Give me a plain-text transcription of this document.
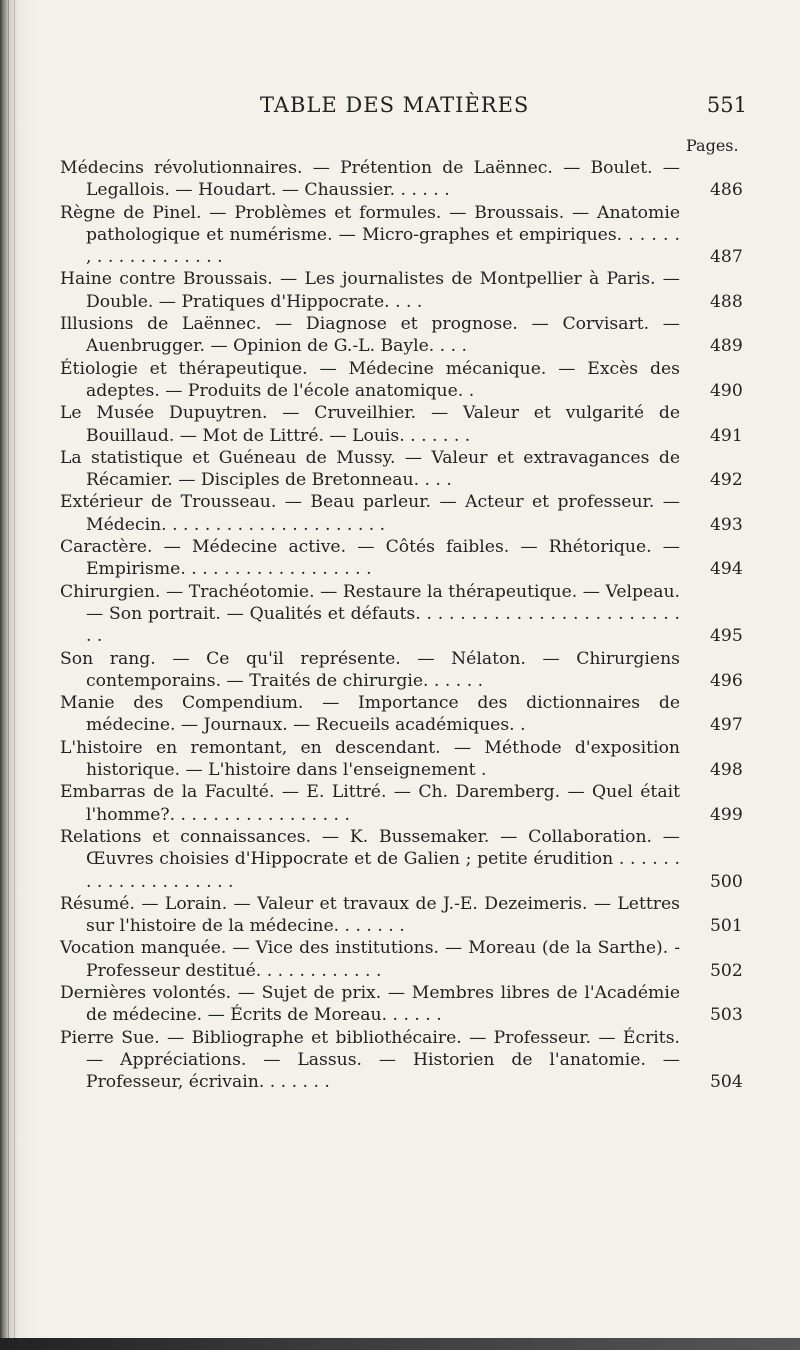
TABLE DES MATIÈRES	551
Pages.
Médecins révolutionnaires. — Prétention de Laënnec. — Boulet. — Legallois. — Houdart. — Chaussier. . . . . .	486
Règne de Pinel. — Problèmes et formules. — Broussais. — Anatomie pathologique et numérisme. — Micro-graphes et empiriques. . . . . . , . . . . . . . . . . . .	487
Haine contre Broussais. — Les journalistes de Montpellier à Paris. — Double. — Pratiques d'Hippocrate. . . .	488
Illusions de Laënnec. — Diagnose et prognose. — Corvisart. — Auenbrugger. — Opinion de G.-L. Bayle. . . .	489
Étiologie et thérapeutique. — Médecine mécanique. — Excès des adeptes. — Produits de l'école anatomique. .	490
Le Musée Dupuytren. — Cruveilhier. — Valeur et vulgarité de Bouillaud. — Mot de Littré. — Louis. . . . . . .	491
La statistique et Guéneau de Mussy. — Valeur et extravagances de Récamier. — Disciples de Bretonneau. . . .	492
Extérieur de Trousseau. — Beau parleur. — Acteur et professeur. — Médecin. . . . . . . . . . . . . . . . . . . . .	493
Caractère. — Médecine active. — Côtés faibles. — Rhétorique. — Empirisme. . . . . . . . . . . . . . . . . .	494
Chirurgien. — Trachéotomie. — Restaure la thérapeutique. — Velpeau. — Son portrait. — Qualités et défauts. . . . . . . . . . . . . . . . . . . . . . . . . .	495
Son rang. — Ce qu'il représente. — Nélaton. — Chirurgiens contemporains. — Traités de chirurgie. . . . . .	496
Manie des Compendium. — Importance des dictionnaires de médecine. — Journaux. — Recueils académiques. .	497
L'histoire en remontant, en descendant. — Méthode d'exposition historique. — L'histoire dans l'enseignement .	498
Embarras de la Faculté. — E. Littré. — Ch. Daremberg. — Quel était l'homme?. . . . . . . . . . . . . . . . .	499
Relations et connaissances. — K. Bussemaker. — Collaboration. — Œuvres choisies d'Hippocrate et de Galien ; petite érudition . . . . . . . . . . . . . . . . . . . .	500
Résumé. — Lorain. — Valeur et travaux de J.-E. Dezeimeris. — Lettres sur l'histoire de la médecine. . . . . . .	501
Vocation manquée. — Vice des institutions. — Moreau (de la Sarthe). - Professeur destitué. . . . . . . . . . . .	502
Dernières volontés. — Sujet de prix. — Membres libres de l'Académie de médecine. — Écrits de Moreau. . . . . .	503
Pierre Sue. — Bibliographe et bibliothécaire. — Professeur. — Écrits. — Appréciations. — Lassus. — Historien de l'anatomie. — Professeur, écrivain. . . . . . .	504
